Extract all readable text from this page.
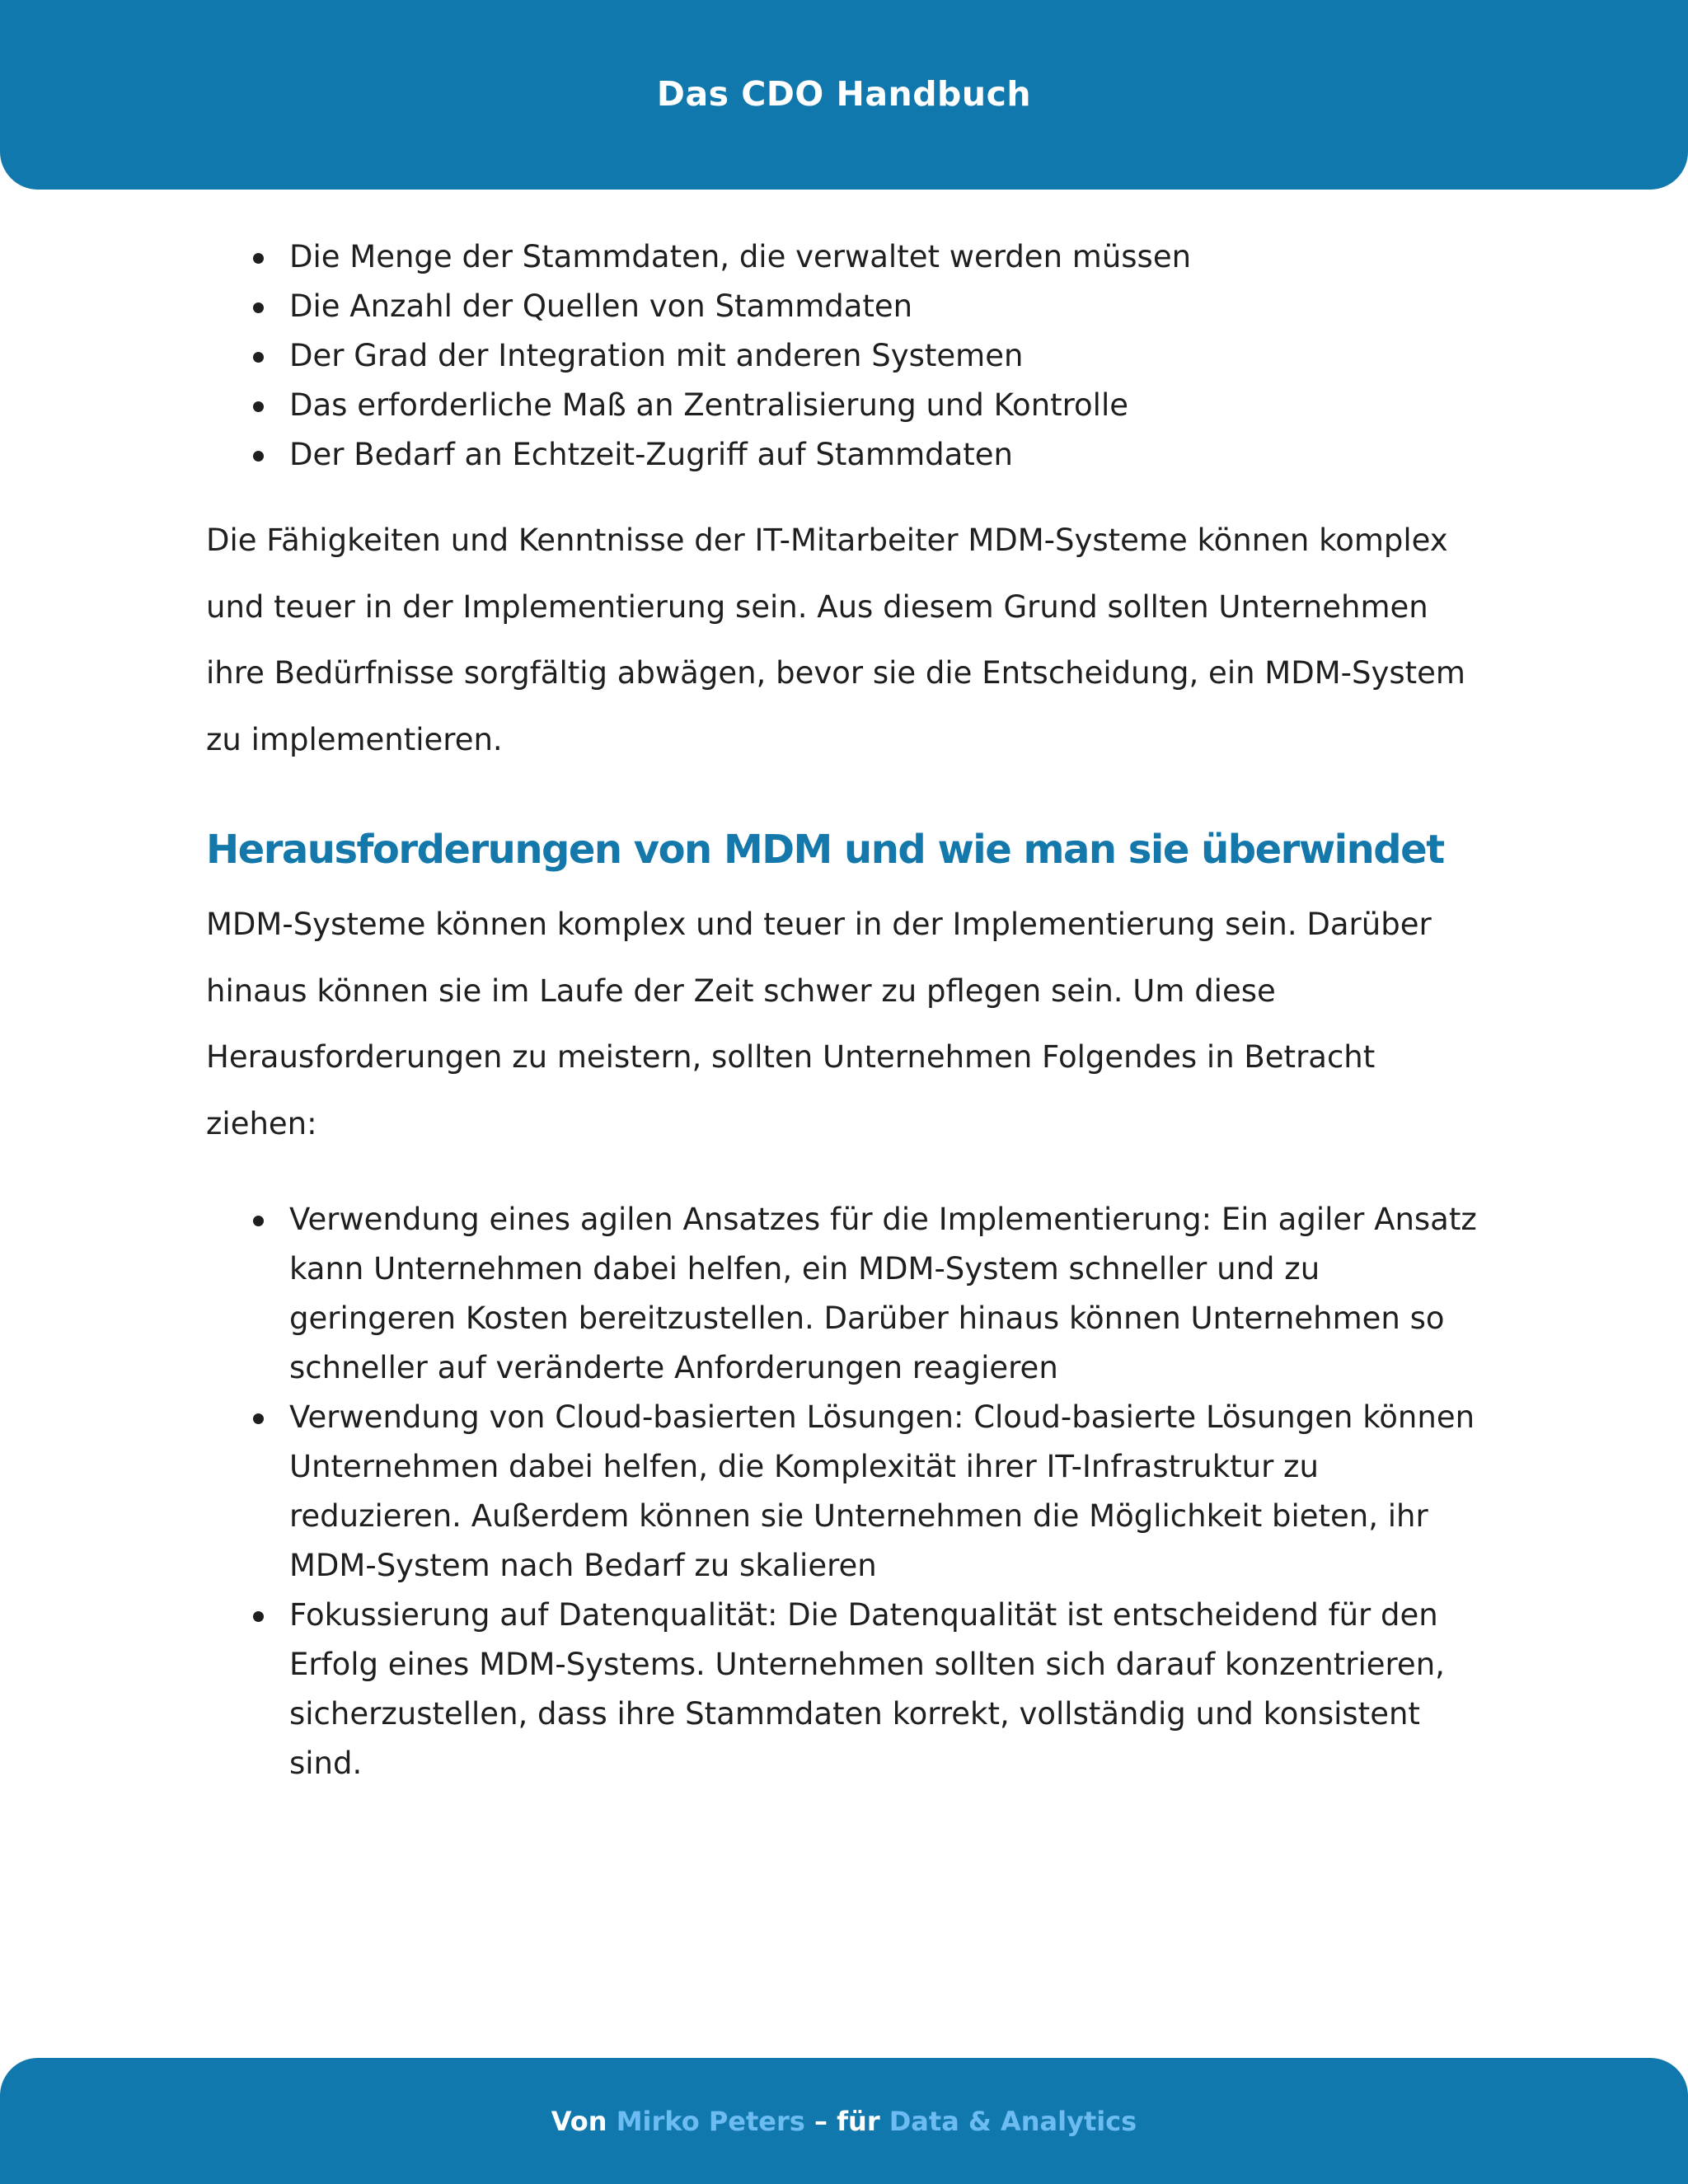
Das CDO Handbuch
Die Menge der Stammdaten, die verwaltet werden müssen
Die Anzahl der Quellen von Stammdaten
Der Grad der Integration mit anderen Systemen
Das erforderliche Maß an Zentralisierung und Kontrolle
Der Bedarf an Echtzeit-Zugriff auf Stammdaten

Die Fähigkeiten und Kenntnisse der IT-Mitarbeiter MDM-Systeme können komplex und teuer in der Implementierung sein. Aus diesem Grund sollten Unternehmen ihre Bedürfnisse sorgfältig abwägen, bevor sie die Entscheidung, ein MDM-System zu implementieren.

Herausforderungen von MDM und wie man sie überwindet

MDM-Systeme können komplex und teuer in der Implementierung sein. Darüber hinaus können sie im Laufe der Zeit schwer zu pflegen sein. Um diese Herausforderungen zu meistern, sollten Unternehmen Folgendes in Betracht ziehen:

Verwendung eines agilen Ansatzes für die Implementierung: Ein agiler Ansatz kann Unternehmen dabei helfen, ein MDM-System schneller und zu geringeren Kosten bereitzustellen. Darüber hinaus können Unternehmen so schneller auf veränderte Anforderungen reagieren
Verwendung von Cloud-basierten Lösungen: Cloud-basierte Lösungen können Unternehmen dabei helfen, die Komplexität ihrer IT-Infrastruktur zu reduzieren. Außerdem können sie Unternehmen die Möglichkeit bieten, ihr MDM-System nach Bedarf zu skalieren
Fokussierung auf Datenqualität: Die Datenqualität ist entscheidend für den Erfolg eines MDM-Systems. Unternehmen sollten sich darauf konzentrieren, sicherzustellen, dass ihre Stammdaten korrekt, vollständig und konsistent sind.
Von Mirko Peters – für Data & Analytics
